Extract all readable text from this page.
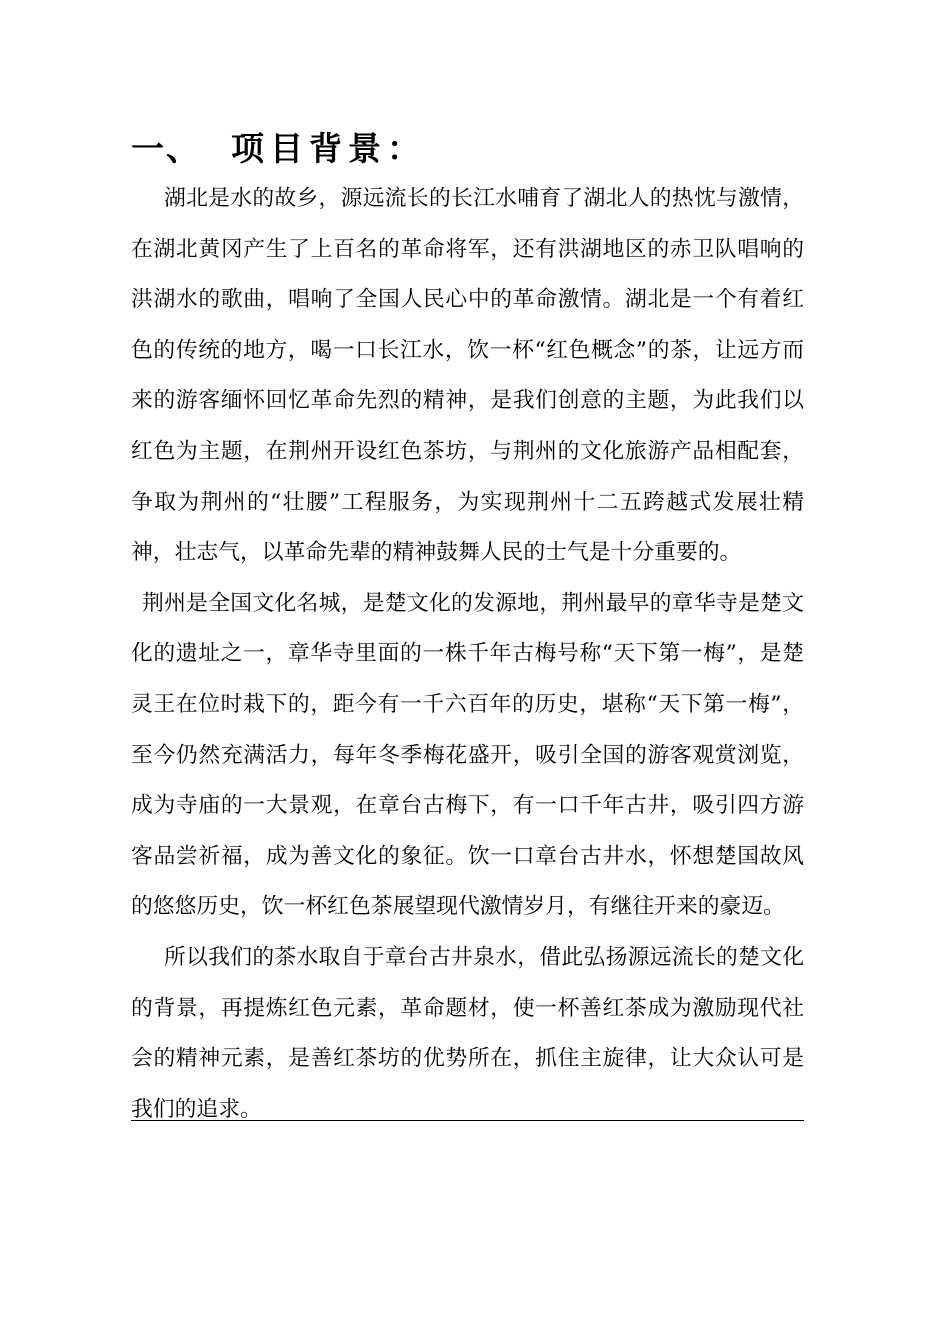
一、 项目背景：

湖北是水的故乡，源远流长的长江水哺育了湖北人的热忱与激情，在湖北黄冈产生了上百名的革命将军，还有洪湖地区的赤卫队唱响的洪湖水的歌曲，唱响了全国人民心中的革命激情。湖北是一个有着红色的传统的地方，喝一口长江水，饮一杯“红色概念”的茶，让远方而来的游客缅怀回忆革命先烈的精神，是我们创意的主题，为此我们以红色为主题，在荆州开设红色茶坊，与荆州的文化旅游产品相配套，争取为荆州的“壮腰”工程服务，为实现荆州十二五跨越式发展壮精神，壮志气，以革命先辈的精神鼓舞人民的士气是十分重要的。

荆州是全国文化名城，是楚文化的发源地，荆州最早的章华寺是楚文化的遗址之一，章华寺里面的一株千年古梅号称“天下第一梅”，是楚灵王在位时栽下的，距今有一千六百年的历史，堪称“天下第一梅”，至今仍然充满活力，每年冬季梅花盛开，吸引全国的游客观赏浏览，成为寺庙的一大景观，在章台古梅下，有一口千年古井，吸引四方游客品尝祈福，成为善文化的象征。饮一口章台古井水，怀想楚国故风的悠悠历史，饮一杯红色茶展望现代激情岁月，有继往开来的豪迈。

所以我们的茶水取自于章台古井泉水，借此弘扬源远流长的楚文化的背景，再提炼红色元素，革命题材，使一杯善红茶成为激励现代社会的精神元素，是善红茶坊的优势所在，抓住主旋律，让大众认可是我们的追求。
